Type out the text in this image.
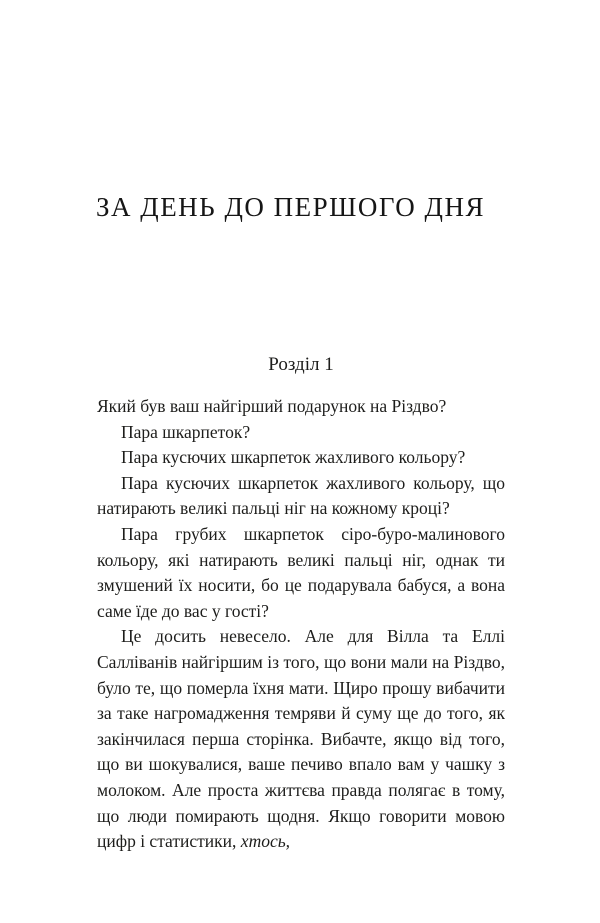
ЗА ДЕНЬ ДО ПЕРШОГО ДНЯ
Розділ 1

Який був ваш найгірший подарунок на Різдво?

Пара шкарпеток?

Пара кусючих шкарпеток жахливого кольору?

Пара кусючих шкарпеток жахливого кольору, що натирають великі пальці ніг на кожному кроці?

Пара грубих шкарпеток сіро-буро-малинового кольору, які натирають великі пальці ніг, однак ти змушений їх носити, бо це подарувала бабуся, а вона саме їде до вас у гості?

Це досить невесело. Але для Вілла та Еллі Салліванів найгіршим із того, що вони мали на Різдво, було те, що померла їхня мати. Щиро прошу вибачити за таке нагромадження темряви й суму ще до того, як закінчилася перша сторінка. Вибачте, якщо від того, що ви шокувалися, ваше печиво впало вам у чашку з молоком. Але проста життєва правда полягає в тому, що люди помирають щодня. Якщо говорити мовою цифр і статистики, хтось,
